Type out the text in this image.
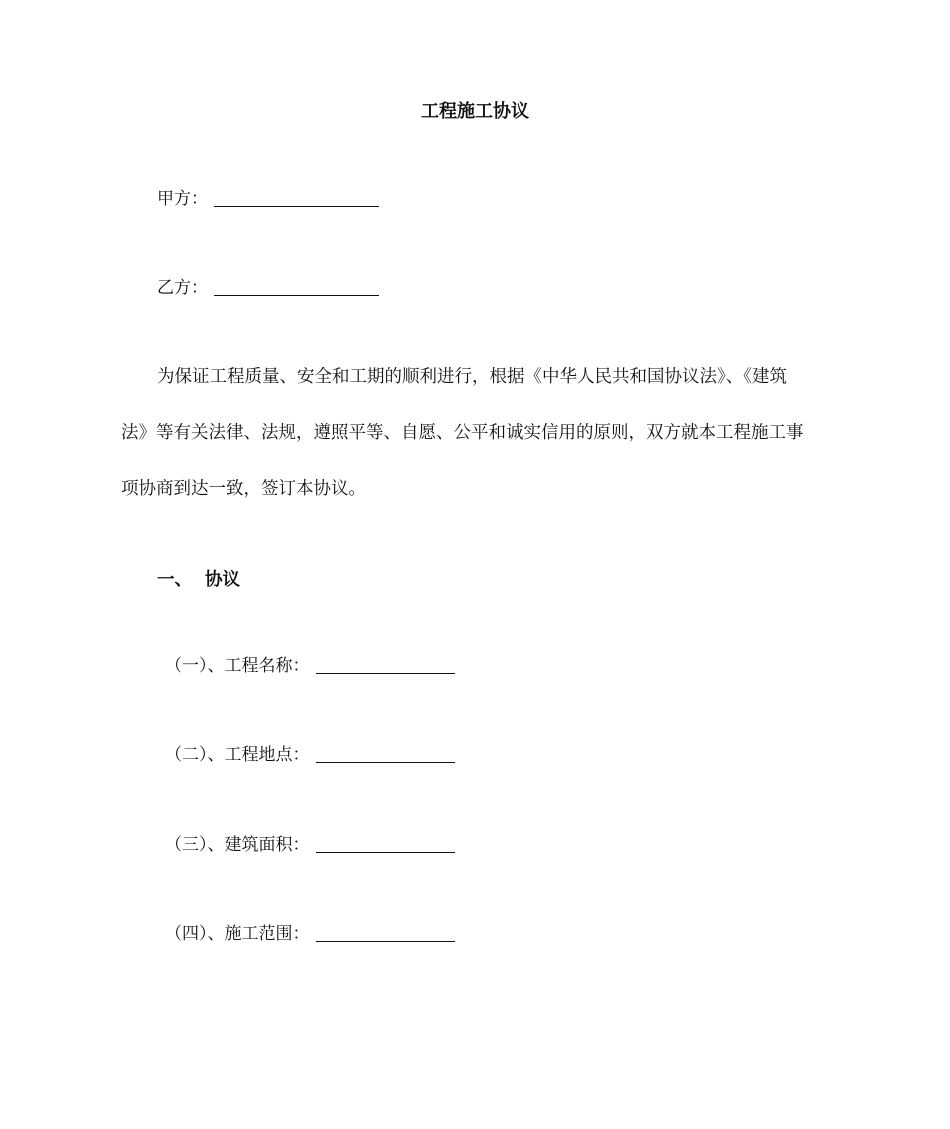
工程施工协议
甲方：
乙方：
为保证工程质量、安全和工期的顺利进行，根据《中华人民共和国协议法》、《建筑
法》等有关法律、法规，遵照平等、自愿、公平和诚实信用的原则，双方就本工程施工事
项协商到达一致，签订本协议。
一、 协议
（一）、工程名称：
（二）、工程地点：
（三）、建筑面积：
（四）、施工范围：
